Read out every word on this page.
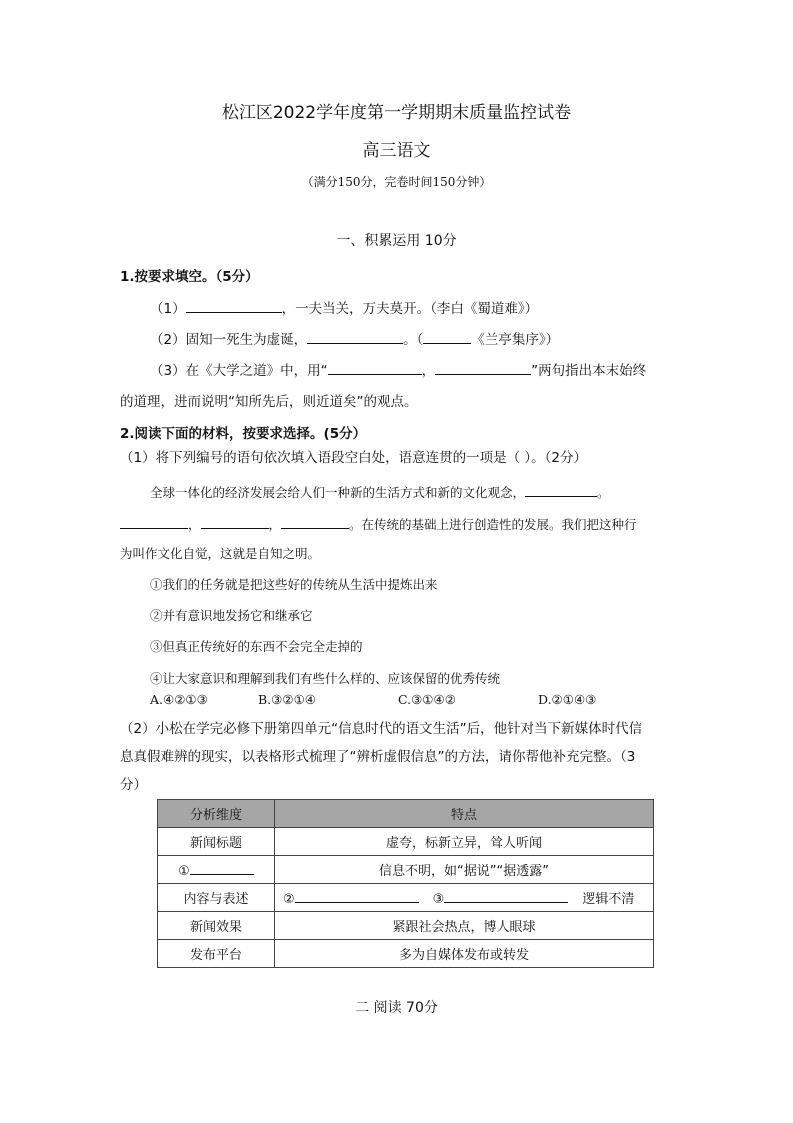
松江区2022学年度第一学期期末质量监控试卷
高三语文
（满分150分，完卷时间150分钟）
一、积累运用 10分
1.按要求填空。（5分）
（1）	，一夫当关，万夫莫开。（李白《蜀道难》）
（2）固知一死生为虚诞，	。（	《兰亭集序》）
（3）在《大学之道》中，用“	，	”两句指出本末始终
的道理，进而说明“知所先后，则近道矣”的观点。
2.阅读下面的材料，按要求选择。(5分）
（1）将下列编号的语句依次填入语段空白处，语意连贯的一项是（ ）。（2分）
全球一体化的经济发展会给人们一种新的生活方式和新的文化观念，	。
，	，	。在传统的基础上进行创造性的发展。我们把这种行
为叫作文化自觉，这就是自知之明。
①我们的任务就是把这些好的传统从生活中提炼出来
②并有意识地发扬它和继承它
③但真正传统好的东西不会完全走掉的
④让大家意识和理解到我们有些什么样的、应该保留的优秀传统
A.④②①③	B.③②①④	C.③①④②	D.②①④③
（2）小松在学完必修下册第四单元“信息时代的语文生活”后，他针对当下新媒体时代信
息真假难辨的现实，以表格形式梳理了“辨析虚假信息”的方法，请你帮他补充完整。（3
分）
分析维度	特点
新闻标题	虚夸，标新立异，耸人听闻
①	信息不明，如“据说”“据透露”
内容与表述	② ③ 逻辑不清
新闻效果	紧跟社会热点，博人眼球
发布平台	多为自媒体发布或转发
二 阅读 70分
